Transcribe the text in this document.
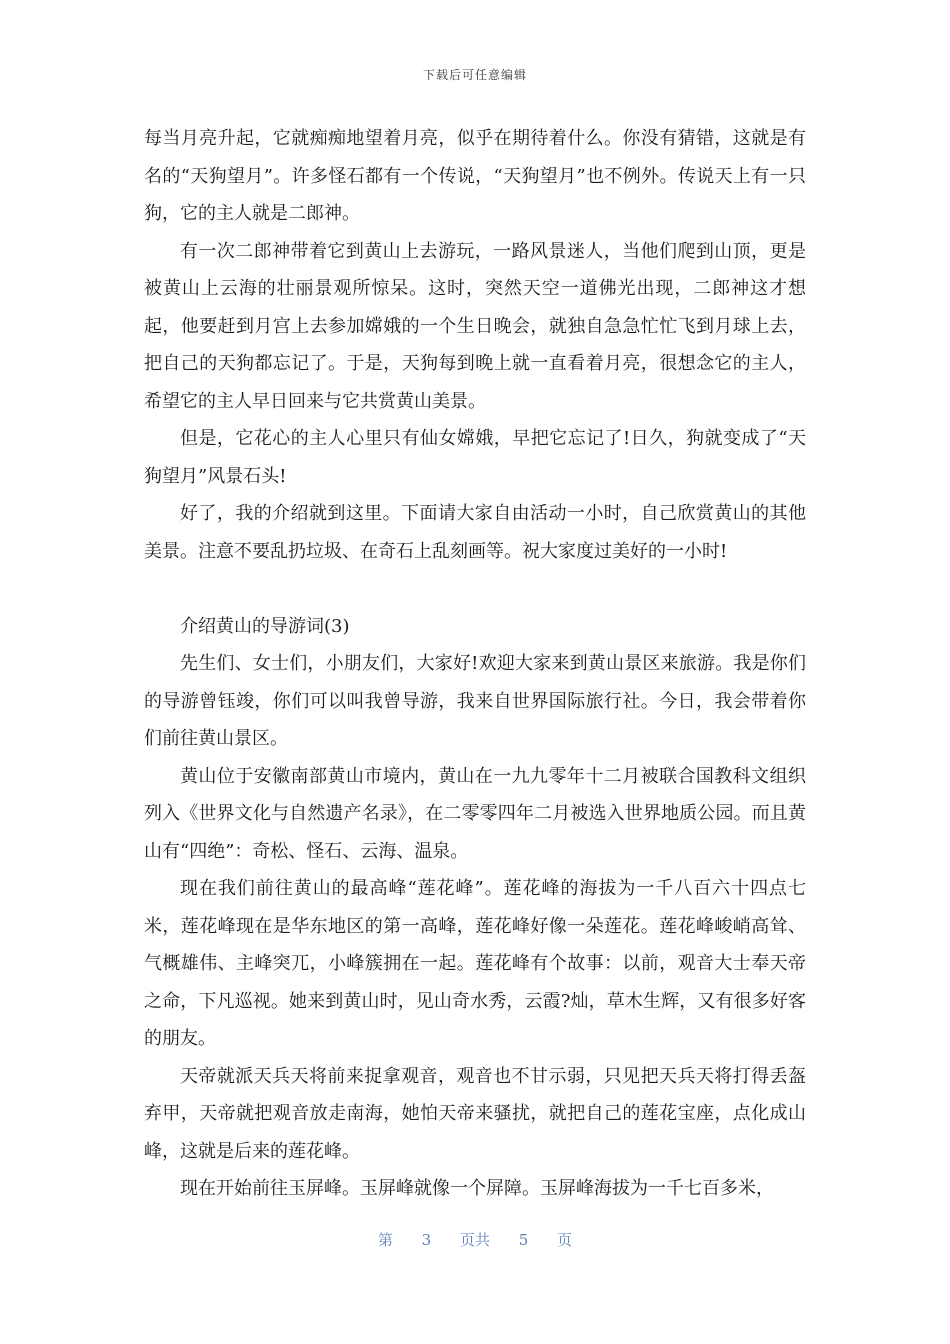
下载后可任意编辑

每当月亮升起，它就痴痴地望着月亮，似乎在期待着什么。你没有猜错，这就是有名的“天狗望月”。许多怪石都有一个传说，“天狗望月”也不例外。传说天上有一只狗，它的主人就是二郎神。

有一次二郎神带着它到黄山上去游玩，一路风景迷人，当他们爬到山顶，更是被黄山上云海的壮丽景观所惊呆。这时，突然天空一道佛光出现，二郎神这才想起，他要赶到月宫上去参加嫦娥的一个生日晚会，就独自急急忙忙飞到月球上去，把自己的天狗都忘记了。于是，天狗每到晚上就一直看着月亮，很想念它的主人，希望它的主人早日回来与它共赏黄山美景。

但是，它花心的主人心里只有仙女嫦娥，早把它忘记了!日久，狗就变成了“天狗望月”风景石头!

好了，我的介绍就到这里。下面请大家自由活动一小时，自己欣赏黄山的其他美景。注意不要乱扔垃圾、在奇石上乱刻画等。祝大家度过美好的一小时!

介绍黄山的导游词(3)

先生们、女士们，小朋友们，大家好!欢迎大家来到黄山景区来旅游。我是你们的导游曾钰竣，你们可以叫我曾导游，我来自世界国际旅行社。今日，我会带着你们前往黄山景区。

黄山位于安徽南部黄山市境内，黄山在一九九零年十二月被联合国教科文组织列入《世界文化与自然遗产名录》，在二零零四年二月被选入世界地质公园。而且黄山有“四绝”：奇松、怪石、云海、温泉。

现在我们前往黄山的最高峰“莲花峰”。莲花峰的海拔为一千八百六十四点七米，莲花峰现在是华东地区的第一高峰，莲花峰好像一朵莲花。莲花峰峻峭高耸、气概雄伟、主峰突兀，小峰簇拥在一起。莲花峰有个故事：以前，观音大士奉天帝之命，下凡巡视。她来到黄山时，见山奇水秀，云霞?灿，草木生辉，又有很多好客的朋友。

天帝就派天兵天将前来捉拿观音，观音也不甘示弱，只见把天兵天将打得丢盔弃甲，天帝就把观音放走南海，她怕天帝来骚扰，就把自己的莲花宝座，点化成山峰，这就是后来的莲花峰。

现在开始前往玉屏峰。玉屏峰就像一个屏障。玉屏峰海拔为一千七百多米，

第 3 页共 5 页
